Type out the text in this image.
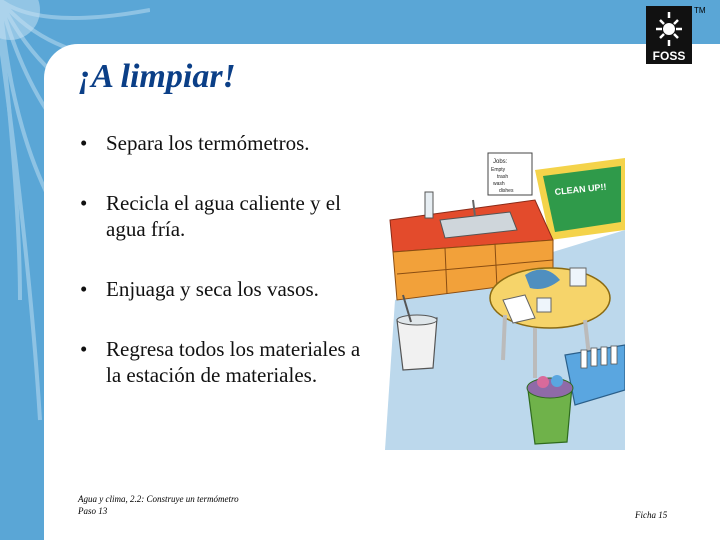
FOSS
TM
¡A limpiar!
• Separa los termómetros.
• Recicla el agua caliente y el agua fría.
• Enjuaga y seca los vasos.
• Regresa todos los materiales a la estación de materiales.
CLEAN UP!!
Jobs:
Empty
trash
wash
dishes
Agua y clima, 2.2: Construye un termómetro
Paso 13	Ficha 15
